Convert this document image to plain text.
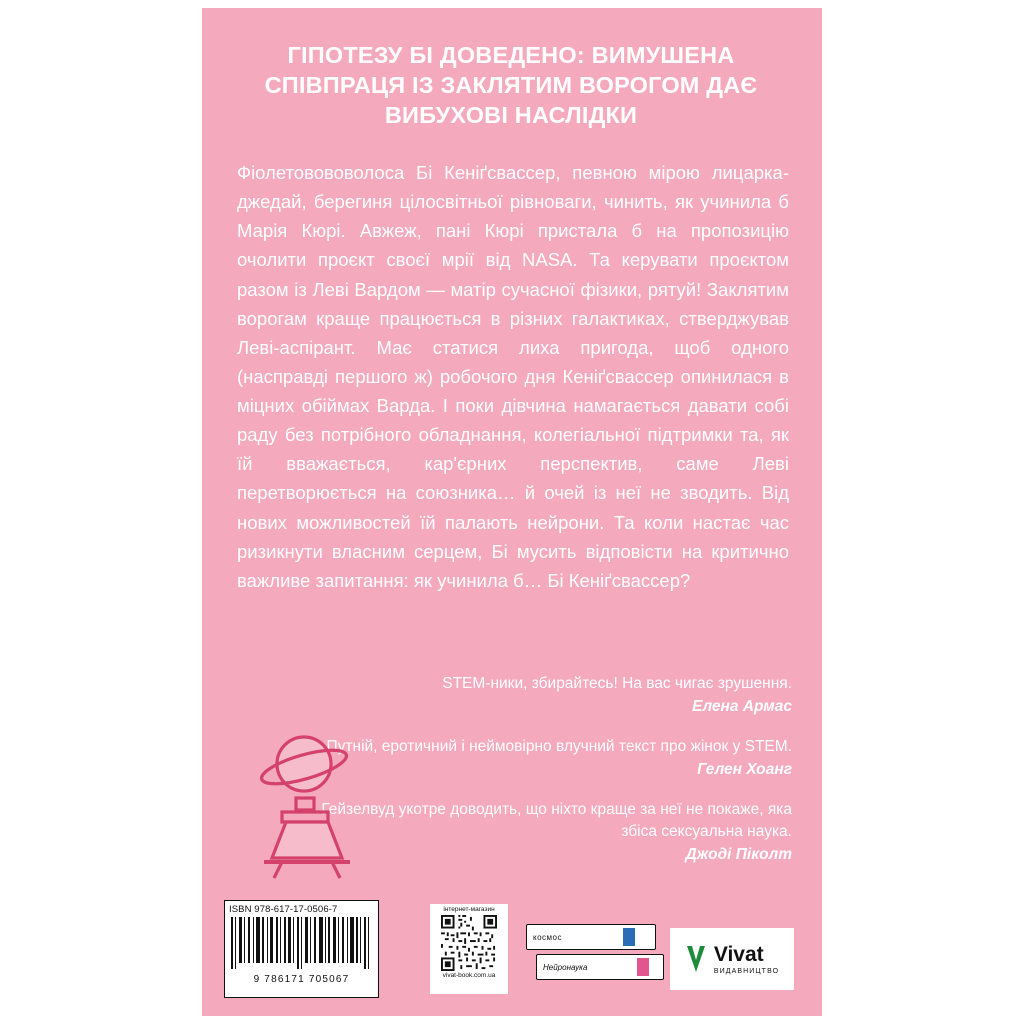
ГІПОТЕЗУ БІ ДОВЕДЕНО: ВИМУШЕНА СПІВПРАЦЯ ІЗ ЗАКЛЯТИМ ВОРОГОМ ДАЄ ВИБУХОВІ НАСЛІДКИ
Фіолетовововолоса Бі Кеніґсвассер, певною мірою лицарка-джедай, берегиня цілосвітньої рівноваги, чинить, як учинила б Марія Кюрі. Авжеж, пані Кюрі пристала б на пропозицію очолити проєкт своєї мрії від NASA. Та керувати проєктом разом із Леві Вардом — матір сучасної фізики, рятуй! Заклятим ворогам краще працюється в різних галактиках, стверджував Леві-аспірант. Має статися лиха пригода, щоб одного (насправді першого ж) робочого дня Кеніґсвассер опинилася в міцних обіймах Варда. І поки дівчина намагається давати собі раду без потрібного обладнання, колегіальної підтримки та, як їй вважається, кар'єрних перспектив, саме Леві перетворюється на союзника… й очей із неї не зводить. Від нових можливостей їй палають нейрони. Та коли настає час ризикнути власним серцем, Бі мусить відповісти на критично важливе запитання: як учинила б… Бі Кеніґсвассер?
STEM-ники, збирайтесь! На вас чигає зрушення.
Елена Армас
Путній, еротичний і неймовірно влучний текст про жінок у STEM.
Гелен Хоанг
Гейзелвуд укотре доводить, що ніхто краще за неї не покаже, яка збіса сексуальна наука.
Джоді Піколт
ISBN 978-617-17-0506-7
9 786171 705067
інтернет-магазин
vivat-book.com.ua
космос
Нейронаука
Vivat
ВИДАВНИЦТВО
